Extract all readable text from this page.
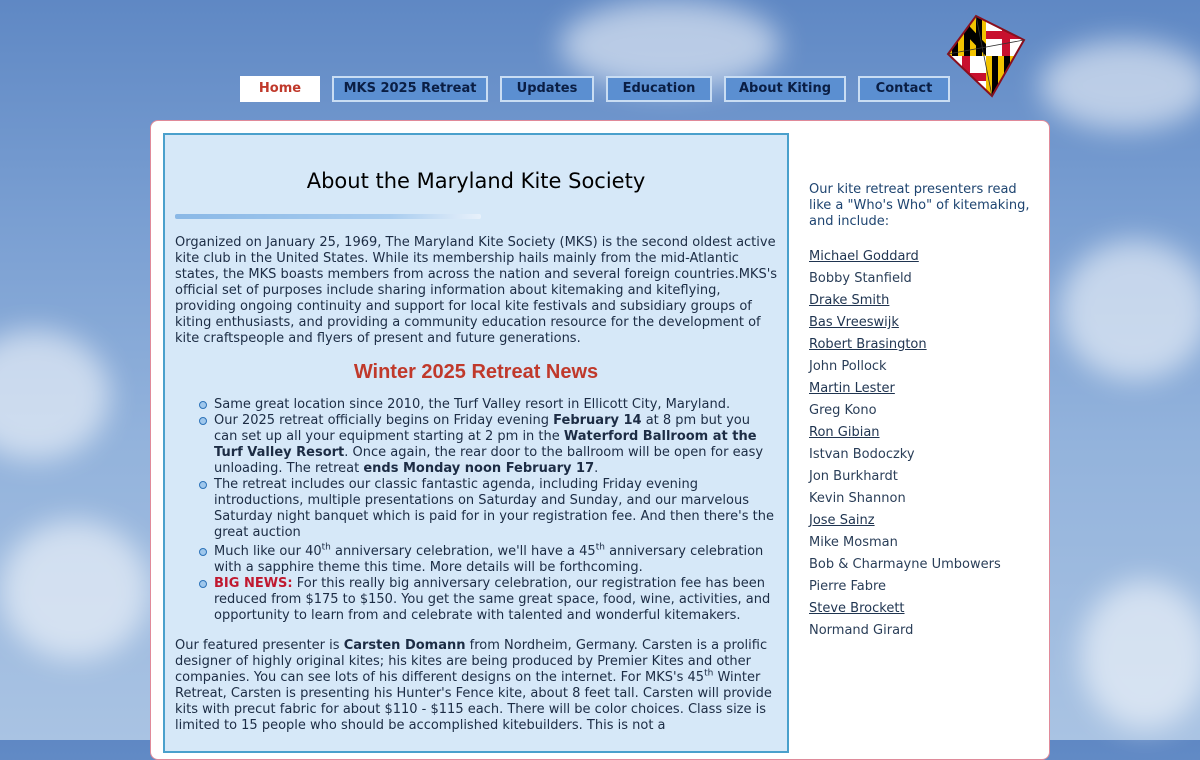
Home	MKS 2025 Retreat	Updates	Education	About Kiting	Contact
About the Maryland Kite Society

Organized on January 25, 1969, The Maryland Kite Society (MKS) is the second oldest active kite club in the United States. While its membership hails mainly from the mid-Atlantic states, the MKS boasts members from across the nation and several foreign countries.MKS's official set of purposes include sharing information about kitemaking and kiteflying, providing ongoing continuity and support for local kite festivals and subsidiary groups of kiting enthusiasts, and providing a community education resource for the development of kite craftspeople and flyers of present and future generations.

Winter 2025 Retreat News
Same great location since 2010, the Turf Valley resort in Ellicott City, Maryland.
Our 2025 retreat officially begins on Friday evening February 14 at 8 pm but you can set up all your equipment starting at 2 pm in the Waterford Ballroom at the Turf Valley Resort. Once again, the rear door to the ballroom will be open for easy unloading. The retreat ends Monday noon February 17.
The retreat includes our classic fantastic agenda, including Friday evening introductions, multiple presentations on Saturday and Sunday, and our marvelous Saturday night banquet which is paid for in your registration fee. And then there's the great auction
Much like our 40th anniversary celebration, we'll have a 45th anniversary celebration with a sapphire theme this time. More details will be forthcoming.
BIG NEWS: For this really big anniversary celebration, our registration fee has been reduced from $175 to $150. You get the same great space, food, wine, activities, and opportunity to learn from and celebrate with talented and wonderful kitemakers.

Our featured presenter is Carsten Domann from Nordheim, Germany. Carsten is a prolific designer of highly original kites; his kites are being produced by Premier Kites and other companies. You can see lots of his different designs on the internet. For MKS's 45th Winter Retreat, Carsten is presenting his Hunter's Fence kite, about 8 feet tall. Carsten will provide kits with precut fabric for about $110 - $115 each. There will be color choices. Class size is limited to 15 people who should be accomplished kitebuilders. This is not a

Our kite retreat presenters read like a "Who's Who" of kitemaking, and include:

Michael Goddard
Bobby Stanfield
Drake Smith
Bas Vreeswijk
Robert Brasington
John Pollock
Martin Lester
Greg Kono
Ron Gibian
Istvan Bodoczky
Jon Burkhardt
Kevin Shannon
Jose Sainz
Mike Mosman
Bob & Charmayne Umbowers
Pierre Fabre
Steve Brockett
Normand Girard
